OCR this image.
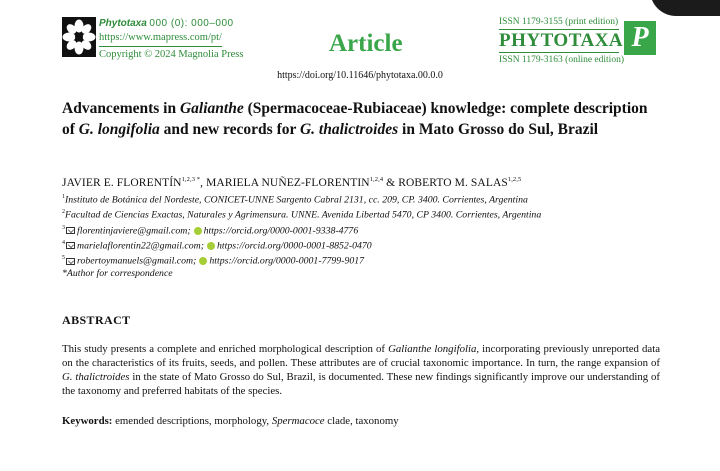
Phytotaxa 000 (0): 000–000
https://www.mapress.com/pt/
Copyright © 2024 Magnolia Press	Article
ISSN 1179-3155 (print edition)
PHYTOTAXA
ISSN 1179-3163 (online edition)
P
https://doi.org/10.11646/phytotaxa.00.0.0
Advancements in Galianthe (Spermacoceae-Rubiaceae) knowledge: complete description of G. longifolia and new records for G. thalictroides in Mato Grosso do Sul, Brazil
JAVIER E. $FLORENTÍN^{1,2,3 *}$, MARIELA NUÑEZ-FLORENTIN$^{1,2,4}$ & ROBERTO M. SALAS$^{1,2,5}$
$^1$Instituto de Botánica del Nordeste, CONICET-UNNE Sargento Cabral 2131, cc. 209, CP. 3400. Corrientes, Argentina
$^2$Facultad de Ciencias Exactas, Naturales y Agrimensura. UNNE. Avenida Libertad 5470, CP 3400. Corrientes, Argentina
$^3$ florentinjaviere@gmail.com; https://orcid.org/0000-0001-9338-4776
$^4$ marielaflorentin22@gmail.com; https://orcid.org/0000-0001-8852-0470
$^5$ robertoymanuels@gmail.com; https://orcid.org/0000-0001-7799-9017
*Author for correspondence
ABSTRACT

This study presents a complete and enriched morphological description of Galianthe longifolia, incorporating previously unreported data on the characteristics of its fruits, seeds, and pollen. These attributes are of crucial taxonomic importance. In turn, the range expansion of G. thalictroides in the state of Mato Grosso do Sul, Brazil, is documented. These new findings significantly improve our understanding of the taxonomy and preferred habitats of the species.

Keywords: emended descriptions, morphology, Spermacoce clade, taxonomy
